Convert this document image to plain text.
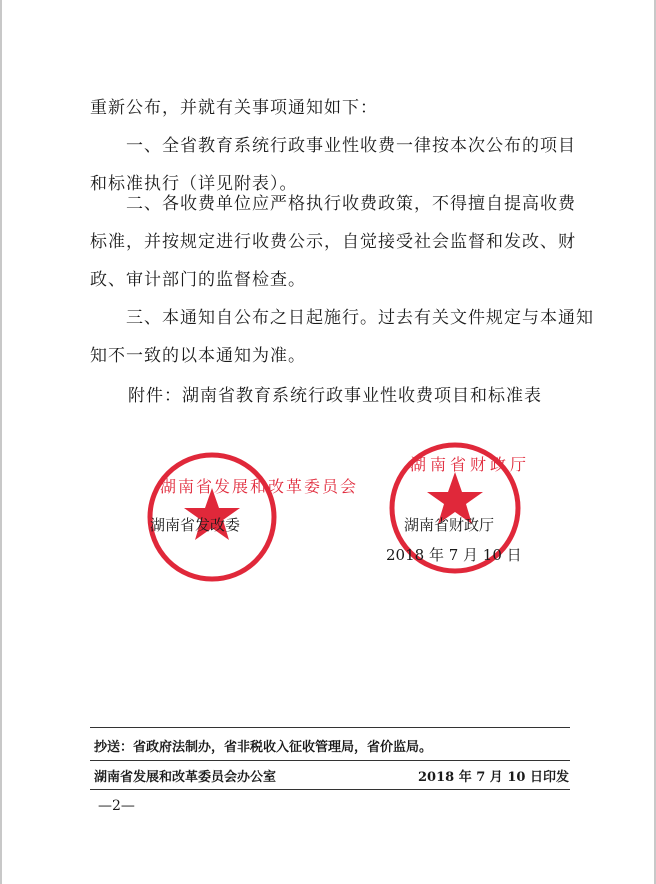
重新公布，并就有关事项通知如下：

一、全省教育系统行政事业性收费一律按本次公布的项目

和标准执行（详见附表）。

二、各收费单位应严格执行收费政策，不得擅自提高收费

标准，并按规定进行收费公示，自觉接受社会监督和发改、财

政、审计部门的监督检查。

三、本通知自公布之日起施行。过去有关文件规定与本通知

知不一致的以本通知为准。

附件：湖南省教育系统行政事业性收费项目和标准表

湖南省发展和改革委员会
湖南省发改委
湖南省财政厅
湖南省财政厅
2018 年 7 月 10 日
抄送：省政府法制办，省非税收入征收管理局，省价监局。
湖南省发展和改革委员会办公室	2018 年 7 月 10 日印发
—2—
